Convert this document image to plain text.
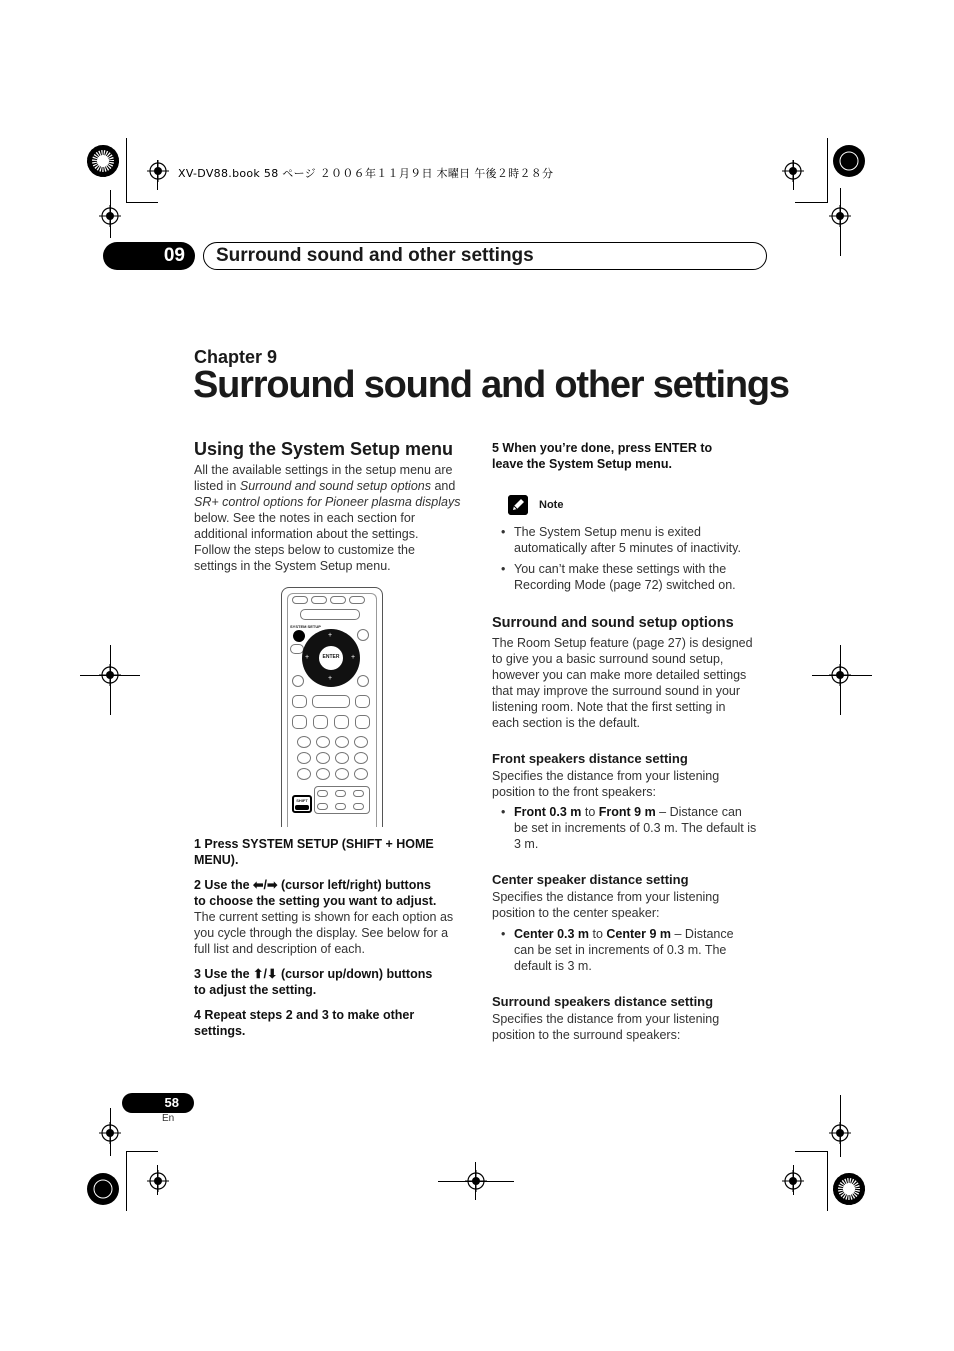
XV-DV88.book 58 ページ ２００６年１１月９日 木曜日 午後２時２８分
09	Surround sound and other settings
Chapter 9
Surround sound and other settings
Using the System Setup menu
All the available settings in the setup menu are
listed in Surround and sound setup options and
SR+ control options for Pioneer plasma displays
below. See the notes in each section for
additional information about the settings.
Follow the steps below to customize the
settings in the System Setup menu.
SYSTEM SETUP
ENTER
+
+
+	+
SHIFT
1 Press SYSTEM SETUP (SHIFT + HOME
MENU).
2 Use the ⬅/➡ (cursor left/right) buttons
to choose the setting you want to adjust.
The current setting is shown for each option as
you cycle through the display. See below for a
full list and description of each.
3 Use the ⬆/⬇ (cursor up/down) buttons
to adjust the setting.
4 Repeat steps 2 and 3 to make other
settings.
5 When you’re done, press ENTER to
leave the System Setup menu.
Note
• The System Setup menu is exited
automatically after 5 minutes of inactivity.
• You can’t make these settings with the
Recording Mode (page 72) switched on.
Surround and sound setup options
The Room Setup feature (page 27) is designed
to give you a basic surround sound setup,
however you can make more detailed settings
that may improve the surround sound in your
listening room. Note that the first setting in
each section is the default.
Front speakers distance setting
Specifies the distance from your listening
position to the front speakers:
• Front 0.3 m to Front 9 m – Distance can
be set in increments of 0.3 m. The default is
3 m.
Center speaker distance setting
Specifies the distance from your listening
position to the center speaker:
• Center 0.3 m to Center 9 m – Distance
can be set in increments of 0.3 m. The
default is 3 m.
Surround speakers distance setting
Specifies the distance from your listening
position to the surround speakers:
58
En
